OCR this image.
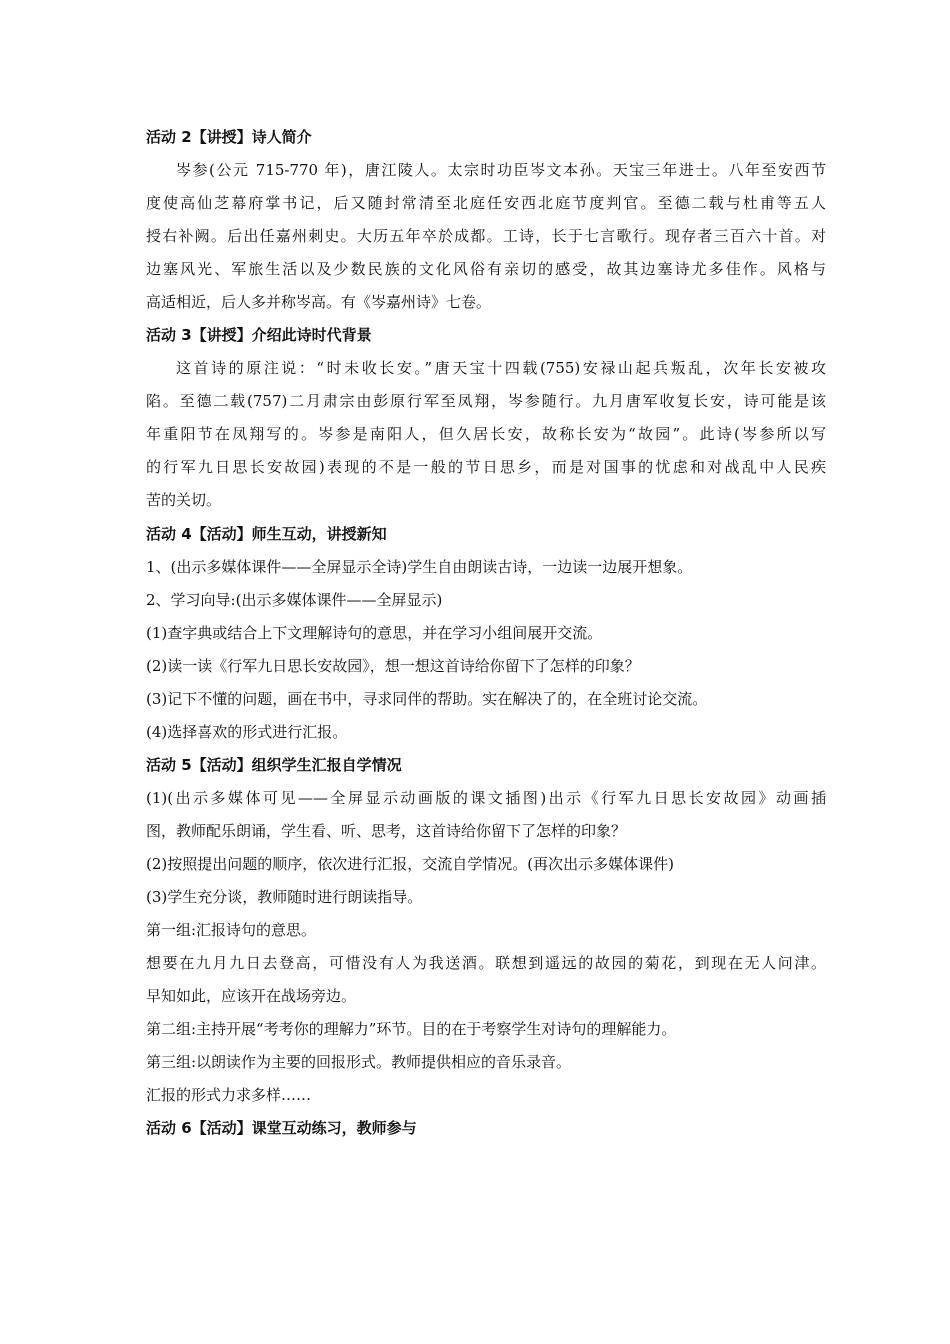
活动 2【讲授】诗人简介
岑参(公元 715-770 年)，唐江陵人。太宗时功臣岑文本孙。天宝三年进士。八年至安西节
度使高仙芝幕府掌书记，后又随封常清至北庭任安西北庭节度判官。至德二载与杜甫等五人
授右补阙。后出任嘉州刺史。大历五年卒於成都。工诗，长于七言歌行。现存者三百六十首。对
边塞风光、军旅生活以及少数民族的文化风俗有亲切的感受，故其边塞诗尤多佳作。风格与
高适相近，后人多并称岑高。有《岑嘉州诗》七卷。
活动 3【讲授】介绍此诗时代背景
这首诗的原注说：“时未收长安。”唐天宝十四载(755)安禄山起兵叛乱，次年长安被攻
陷。至德二载(757)二月肃宗由彭原行军至凤翔，岑参随行。九月唐军收复长安，诗可能是该
年重阳节在凤翔写的。岑参是南阳人，但久居长安，故称长安为“故园”。此诗(岑参所以写
的行军九日思长安故园)表现的不是一般的节日思乡，而是对国事的忧虑和对战乱中人民疾
苦的关切。
活动 4【活动】师生互动，讲授新知
1、(出示多媒体课件——全屏显示全诗)学生自由朗读古诗，一边读一边展开想象。
2、学习向导:(出示多媒体课件——全屏显示)
(1)查字典或结合上下文理解诗句的意思，并在学习小组间展开交流。
(2)读一读《行军九日思长安故园》，想一想这首诗给你留下了怎样的印象？
(3)记下不懂的问题，画在书中，寻求同伴的帮助。实在解决了的，在全班讨论交流。
(4)选择喜欢的形式进行汇报。
活动 5【活动】组织学生汇报自学情况
(1)(出示多媒体可见——全屏显示动画版的课文插图)出示《行军九日思长安故园》动画插
图，教师配乐朗诵，学生看、听、思考，这首诗给你留下了怎样的印象？
(2)按照提出问题的顺序，依次进行汇报，交流自学情况。(再次出示多媒体课件)
(3)学生充分谈，教师随时进行朗读指导。
第一组:汇报诗句的意思。
想要在九月九日去登高，可惜没有人为我送酒。联想到遥远的故园的菊花，到现在无人问津。
早知如此，应该开在战场旁边。
第二组:主持开展“考考你的理解力”环节。目的在于考察学生对诗句的理解能力。
第三组:以朗读作为主要的回报形式。教师提供相应的音乐录音。
汇报的形式力求多样……
活动 6【活动】课堂互动练习，教师参与
